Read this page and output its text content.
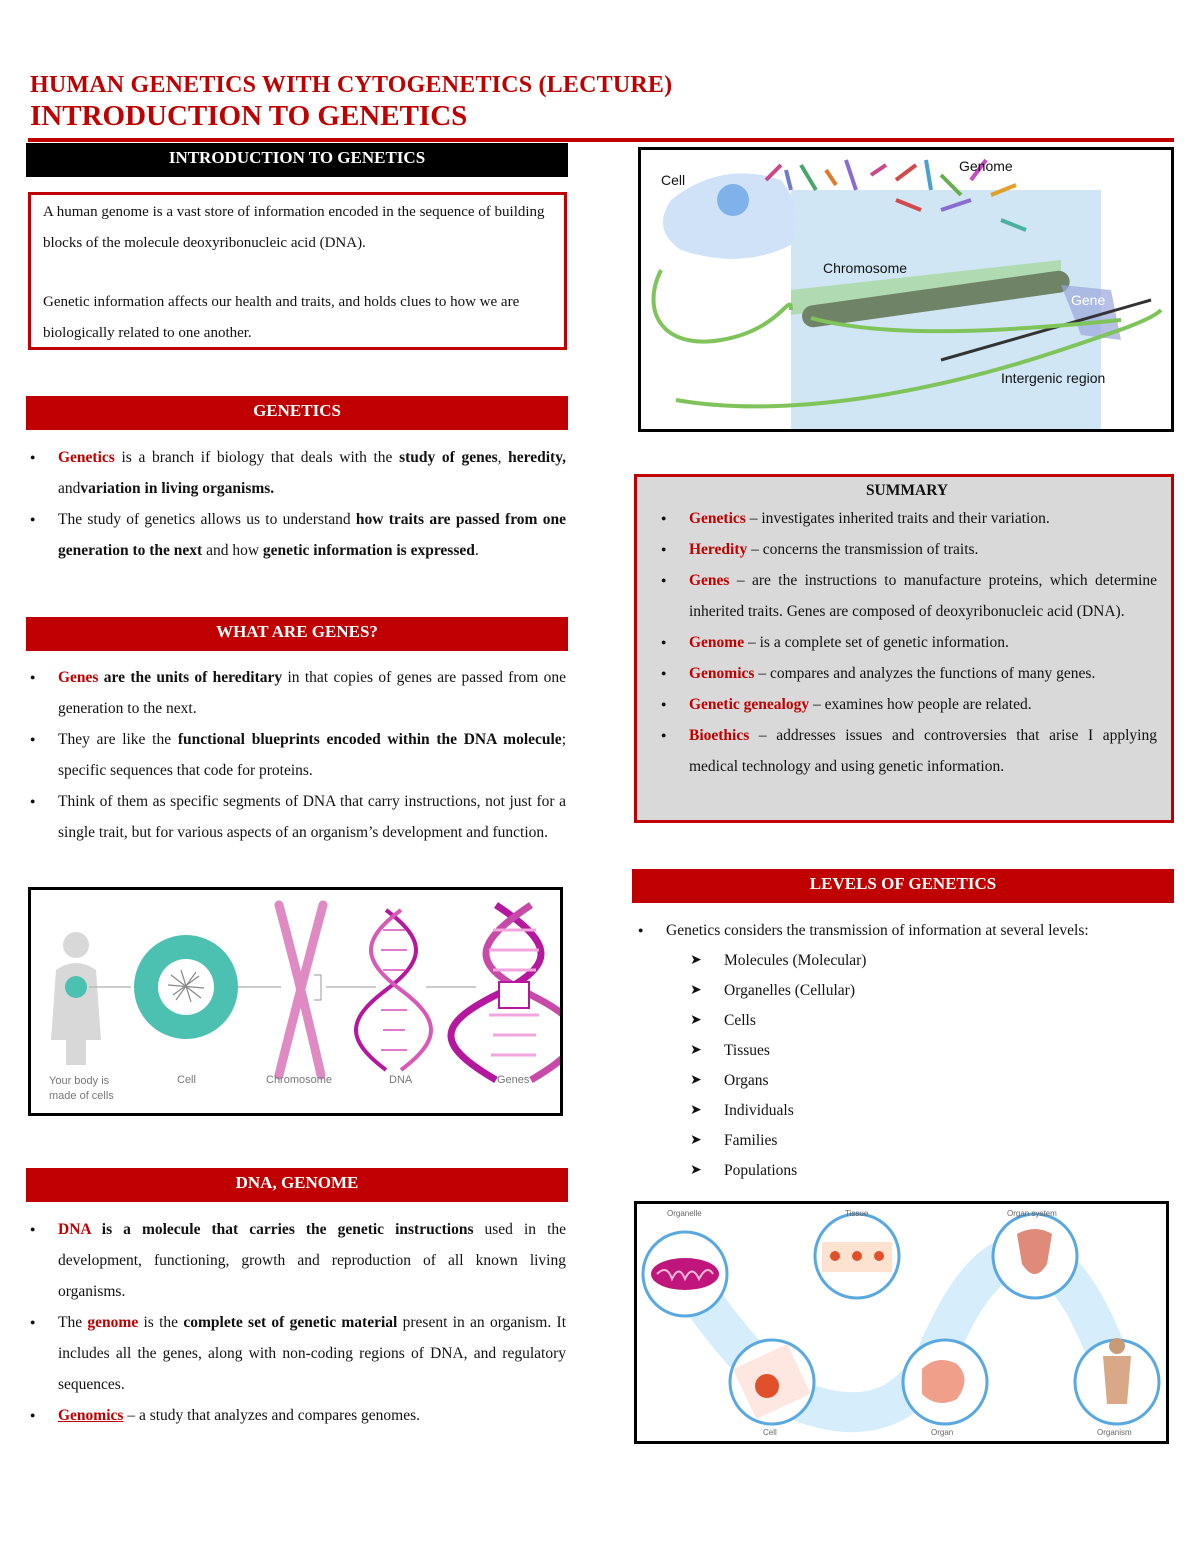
HUMAN GENETICS WITH CYTOGENETICS (LECTURE)
INTRODUCTION TO GENETICS
INTRODUCTION TO GENETICS
A human genome is a vast store of information encoded in the sequence of building blocks of the molecule deoxyribonucleic acid (DNA).
Genetic information affects our health and traits, and holds clues to how we are biologically related to one another.
GENETICS
● Genetics is a branch if biology that deals with the study of genes, heredity, andvariation in living organisms.
● The study of genetics allows us to understand how traits are passed from one generation to the next and how genetic information is expressed.
WHAT ARE GENES?
● Genes are the units of hereditary in that copies of genes are passed from one generation to the next.
● They are like the functional blueprints encoded within the DNA molecule; specific sequences that code for proteins.
● Think of them as specific segments of DNA that carry instructions, not just for a single trait, but for various aspects of an organism’s development and function.
Your body is made of cells
Cell	Chromosome	DNA	Genes
DNA, GENOME
● DNA is a molecule that carries the genetic instructions used in the development, functioning, growth and reproduction of all known living organisms.
● The genome is the complete set of genetic material present in an organism. It includes all the genes, along with non-coding regions of DNA, and regulatory sequences.
● Genomics – a study that analyzes and compares genomes.
Cell
Genome
Chromosome
Gene
Intergenic region
Gene
SUMMARY
● Genetics – investigates inherited traits and their variation.
● Heredity – concerns the transmission of traits.
● Genes – are the instructions to manufacture proteins, which determine inherited traits. Genes are composed of deoxyribonucleic acid (DNA).
● Genome – is a complete set of genetic information.
● Genomics – compares and analyzes the functions of many genes.
● Genetic genealogy – examines how people are related.
● Bioethics – addresses issues and controversies that arise I applying medical technology and using genetic information.
LEVELS OF GENETICS
● Genetics considers the transmission of information at several levels:
➤ Molecules (Molecular)
➤ Organelles (Cellular)
➤ Cells
➤ Tissues
➤ Organs
➤ Individuals
➤ Families
➤ Populations
Organelle	Tissue	Organ system
Cell	Organ	Organism
